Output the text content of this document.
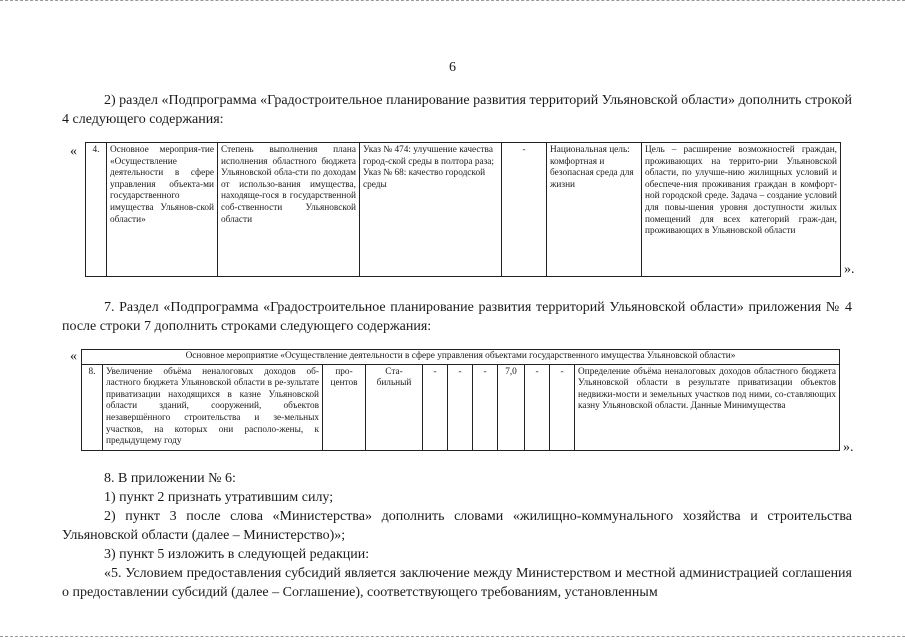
6
2) раздел «Подпрограмма «Градостроительное планирование развития территорий Ульяновской области» дополнить строкой 4 следующего содержания:
« 4.	Основное мероприя-тие «Осуществление деятельности в сфере управления объекта-ми государственного имущества Ульянов-ской области»	Степень выполнения плана исполнения областного бюджета Ульяновской обла-сти по доходам от использо-вания имущества, находяще-гося в государственной соб-ственности Ульяновской области	Указ № 474: улучшение качества город-ской среды в полтора раза; Указ № 68: качество городской среды	-	Национальная цель: комфортная и безопасная среда для жизни	Цель – расширение возможностей граждан, проживающих на террито-рии Ульяновской области, по улучше-нию жилищных условий и обеспече-ния проживания граждан в комфорт-ной городской среде. Задача – создание условий для повы-шения уровня доступности жилых помещений для всех категорий граж-дан, проживающих в Ульяновской области
».
7. Раздел «Подпрограмма «Градостроительное планирование развития территорий Ульяновской области» приложения № 4 после строки 7 дополнить строками следующего содержания:
«	Основное мероприятие «Осуществление деятельности в сфере управления объектами государственного имущества Ульяновской области»
8.	Увеличение объёма неналоговых доходов об-ластного бюджета Ульяновской области в ре-зультате приватизации находящихся в казне Ульяновской области зданий, сооружений, объектов незавершённого строительства и зе-мельных участков, на которых они располо-жены, к предыдущему году	про-центов	Ста-бильный	-	-	-	7,0	-	-	Определение объёма неналоговых доходов областного бюджета Ульяновской области в результате приватизации объектов недвижи-мости и земельных участков под ними, со-ставляющих казну Ульяновской области. Данные Минимущества
».
8. В приложении № 6:
1) пункт 2 признать утратившим силу;
2) пункт 3 после слова «Министерства» дополнить словами «жилищно-коммунального хозяйства и строительства Ульяновской области (далее – Министерство)»;
3) пункт 5 изложить в следующей редакции:
«5. Условием предоставления субсидий является заключение между Министерством и местной администрацией соглашения о предоставлении субсидий (далее – Соглашение), соответствующего требованиям, установленным
